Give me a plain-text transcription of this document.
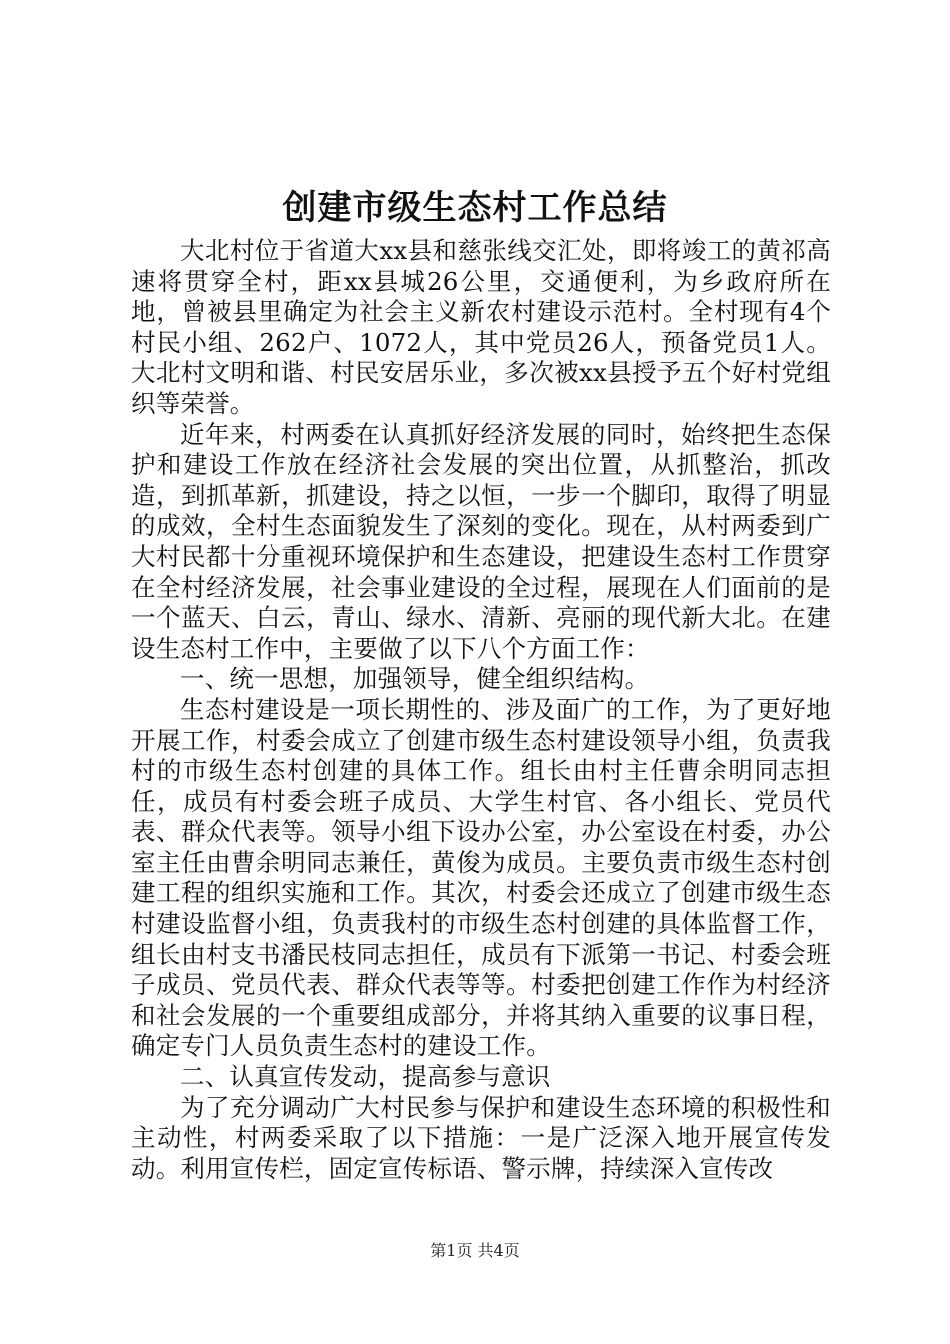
创建市级生态村工作总结

大北村位于省道大xx县和慈张线交汇处，即将竣工的黄祁高速将贯穿全村，距xx县城26公里，交通便利，为乡政府所在地，曾被县里确定为社会主义新农村建设示范村。全村现有4个村民小组、262户、1072人，其中党员26人，预备党员1人。大北村文明和谐、村民安居乐业，多次被xx县授予五个好村党组织等荣誉。

近年来，村两委在认真抓好经济发展的同时，始终把生态保护和建设工作放在经济社会发展的突出位置，从抓整治，抓改造，到抓革新，抓建设，持之以恒，一步一个脚印，取得了明显的成效，全村生态面貌发生了深刻的变化。现在，从村两委到广大村民都十分重视环境保护和生态建设，把建设生态村工作贯穿在全村经济发展，社会事业建设的全过程，展现在人们面前的是一个蓝天、白云，青山、绿水、清新、亮丽的现代新大北。在建设生态村工作中，主要做了以下八个方面工作：

一、统一思想，加强领导，健全组织结构。

生态村建设是一项长期性的、涉及面广的工作，为了更好地开展工作，村委会成立了创建市级生态村建设领导小组，负责我村的市级生态村创建的具体工作。组长由村主任曹余明同志担任，成员有村委会班子成员、大学生村官、各小组长、党员代表、群众代表等。领导小组下设办公室，办公室设在村委，办公室主任由曹余明同志兼任，黄俊为成员。主要负责市级生态村创建工程的组织实施和工作。其次，村委会还成立了创建市级生态村建设监督小组，负责我村的市级生态村创建的具体监督工作，组长由村支书潘民枝同志担任，成员有下派第一书记、村委会班子成员、党员代表、群众代表等等。村委把创建工作作为村经济和社会发展的一个重要组成部分，并将其纳入重要的议事日程，确定专门人员负责生态村的建设工作。

二、认真宣传发动，提高参与意识

为了充分调动广大村民参与保护和建设生态环境的积极性和主动性，村两委采取了以下措施：一是广泛深入地开展宣传发动。利用宣传栏，固定宣传标语、警示牌，持续深入宣传改

第1页 共4页
